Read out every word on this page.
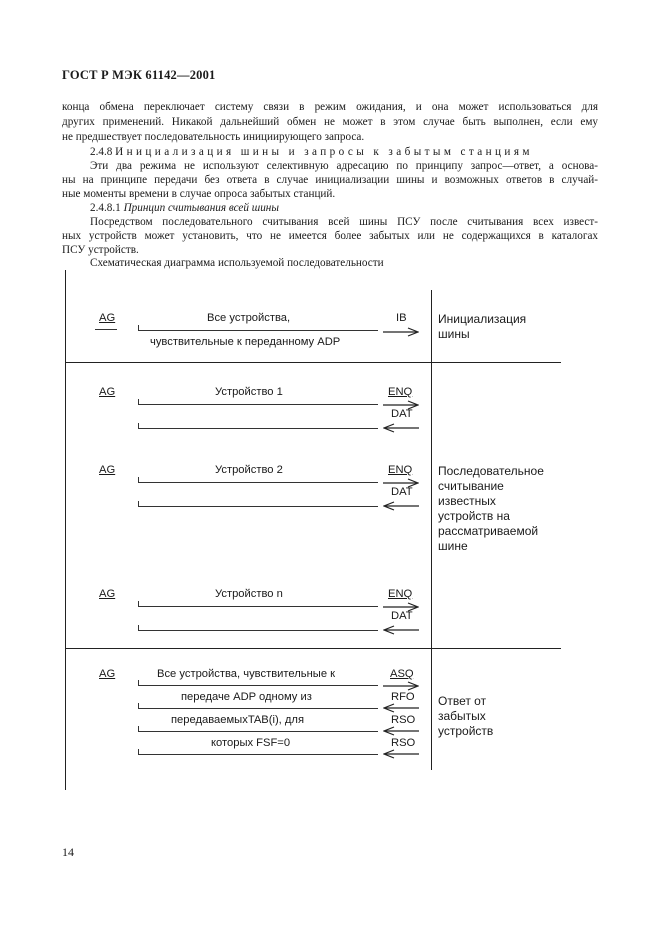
ГОСТ Р МЭК 61142—2001
конца обмена переключает систему связи в режим ожидания, и она может использоваться для
других применений. Никакой дальнейший обмен не может в этом случае быть выполнен, если ему
не предшествует последовательность инициирующего запроса.
2.4.8 Инициализация шины и запросы к забытым станциям
Эти два режима не используют селективную адресацию по принципу запрос—ответ, а основа-
ны на принципе передачи без ответа в случае инициализации шины и возможных ответов в случай-
ные моменты времени в случае опроса забытых станций.
2.4.8.1 Принцип считывания всей шины
Посредством последовательного считывания всей шины ПСУ после считывания всех извест-
ных устройств может установить, что не имеется более забытых или не содержащихся в каталогах
ПСУ устройств.
Схематическая диаграмма используемой последовательности
AG	Все устройства,
чувствительные к переданному ADP
IB	Инициализация
шины
AG	Устройство 1	ENQ
DAT
AG	Устройство 2	ENQ
DAT
Последовательное
считывание
известных
устройств на
рассматриваемой
шине
AG	Устройство n	ENQ
DAT
AG	Все устройства, чувствительные к	ASQ
передаче ADP одному из	RFO
передаваемыхTAB(i), для	RSO
которых FSF=0	RSO
Ответ от
забытых
устройств
14
